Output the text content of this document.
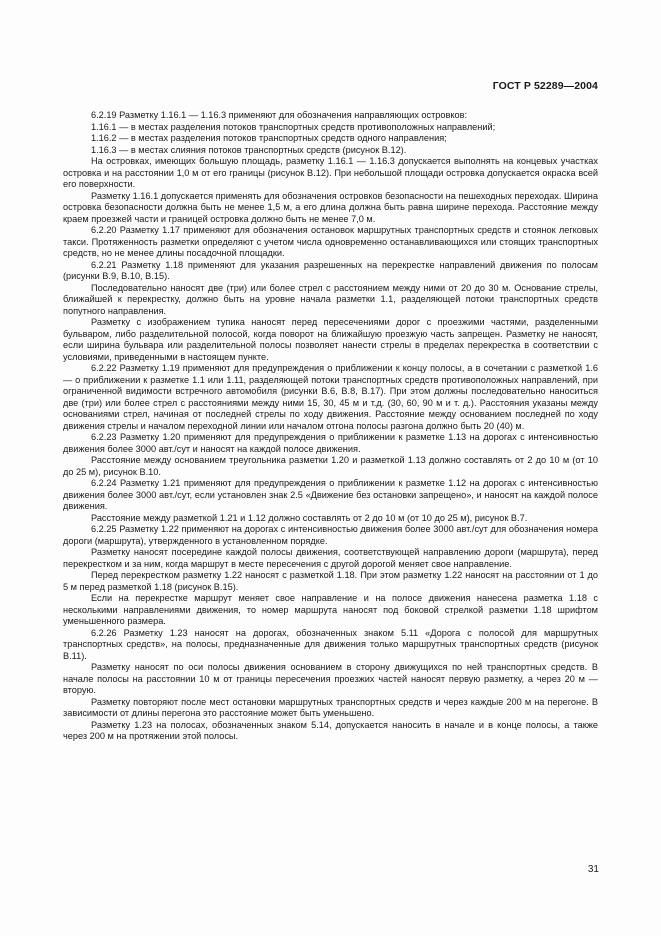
ГОСТ Р 52289—2004

6.2.19 Разметку 1.16.1 — 1.16.3 применяют для обозначения направляющих островков:

1.16.1 — в местах разделения потоков транспортных средств противоположных направлений;

1.16.2 — в местах разделения потоков транспортных средств одного направления;

1.16.3 — в местах слияния потоков транспортных средств (рисунок В.12).

На островках, имеющих большую площадь, разметку 1.16.1 — 1.16.3 допускается выполнять на концевых участках островка и на расстоянии 1,0 м от его границы (рисунок В.12). При небольшой площади островка допускается окраска всей его поверхности.

Разметку 1.16.1 допускается применять для обозначения островков безопасности на пешеходных переходах. Ширина островка безопасности должна быть не менее 1,5 м, а его длина должна быть равна ширине перехода. Расстояние между краем проезжей части и границей островка должно быть не менее 7,0 м.

6.2.20 Разметку 1.17 применяют для обозначения остановок маршрутных транспортных средств и стоянок легковых такси. Протяженность разметки определяют с учетом числа одновременно останавливающихся или стоящих транспортных средств, но не менее длины посадочной площадки.

6.2.21 Разметку 1.18 применяют для указания разрешенных на перекрестке направлений движения по полосам (рисунки В.9, В.10, В.15).

Последовательно наносят две (три) или более стрел с расстоянием между ними от 20 до 30 м. Основание стрелы, ближайшей к перекрестку, должно быть на уровне начала разметки 1.1, разделяющей потоки транспортных средств попутного направления.

Разметку с изображением тупика наносят перед пересечениями дорог с проезжими частями, разделенными бульваром, либо разделительной полосой, когда поворот на ближайшую проезжую часть запрещен. Разметку не наносят, если ширина бульвара или разделительной полосы позволяет нанести стрелы в пределах перекрестка в соответствии с условиями, приведенными в настоящем пункте.

6.2.22 Разметку 1.19 применяют для предупреждения о приближении к концу полосы, а в сочетании с разметкой 1.6 — о приближении к разметке 1.1 или 1.11, разделяющей потоки транспортных средств противоположных направлений, при ограниченной видимости встречного автомобиля (рисунки В.6, В.8, В.17). При этом должны последовательно наноситься две (три) или более стрел с расстояниями между ними 15, 30, 45 м и т.д. (30, 60, 90 м и т. д.). Расстояния указаны между основаниями стрел, начиная от последней стрелы по ходу движения. Расстояние между основанием последней по ходу движения стрелы и началом переходной линии или началом отгона полосы разгона должно быть 20 (40) м.

6.2.23 Разметку 1.20 применяют для предупреждения о приближении к разметке 1.13 на дорогах с интенсивностью движения более 3000 авт./сут и наносят на каждой полосе движения.

Расстояние между основанием треугольника разметки 1.20 и разметкой 1.13 должно составлять от 2 до 10 м (от 10 до 25 м), рисунок В.10.

6.2.24 Разметку 1.21 применяют для предупреждения о приближении к разметке 1.12 на дорогах с интенсивностью движения более 3000 авт./сут, если установлен знак 2.5 «Движение без остановки запрещено», и наносят на каждой полосе движения.

Расстояние между разметкой 1.21 и 1.12 должно составлять от 2 до 10 м (от 10 до 25 м), рисунок В.7.

6.2.25 Разметку 1.22 применяют на дорогах с интенсивностью движения более 3000 авт./сут для обозначения номера дороги (маршрута), утвержденного в установленном порядке.

Разметку наносят посередине каждой полосы движения, соответствующей направлению дороги (маршрута), перед перекрестком и за ним, когда маршрут в месте пересечения с другой дорогой меняет свое направление.

Перед перекрестком разметку 1.22 наносят с разметкой 1.18. При этом разметку 1.22 наносят на расстоянии от 1 до 5 м перед разметкой 1.18 (рисунок В.15).

Если на перекрестке маршрут меняет свое направление и на полосе движения нанесена разметка 1.18 с несколькими направлениями движения, то номер маршрута наносят под боковой стрелкой разметки 1.18 шрифтом уменьшенного размера.

6.2.26 Разметку 1.23 наносят на дорогах, обозначенных знаком 5.11 «Дорога с полосой для маршрутных транспортных средств», на полосы, предназначенные для движения только маршрутных транспортных средств (рисунок В.11).

Разметку наносят по оси полосы движения основанием в сторону движущихся по ней транспортных средств. В начале полосы на расстоянии 10 м от границы пересечения проезжих частей наносят первую разметку, а через 20 м — вторую.

Разметку повторяют после мест остановки маршрутных транспортных средств и через каждые 200 м на перегоне. В зависимости от длины перегона это расстояние может быть уменьшено.

Разметку 1.23 на полосах, обозначенных знаком 5.14, допускается наносить в начале и в конце полосы, а также через 200 м на протяжении этой полосы.

31
